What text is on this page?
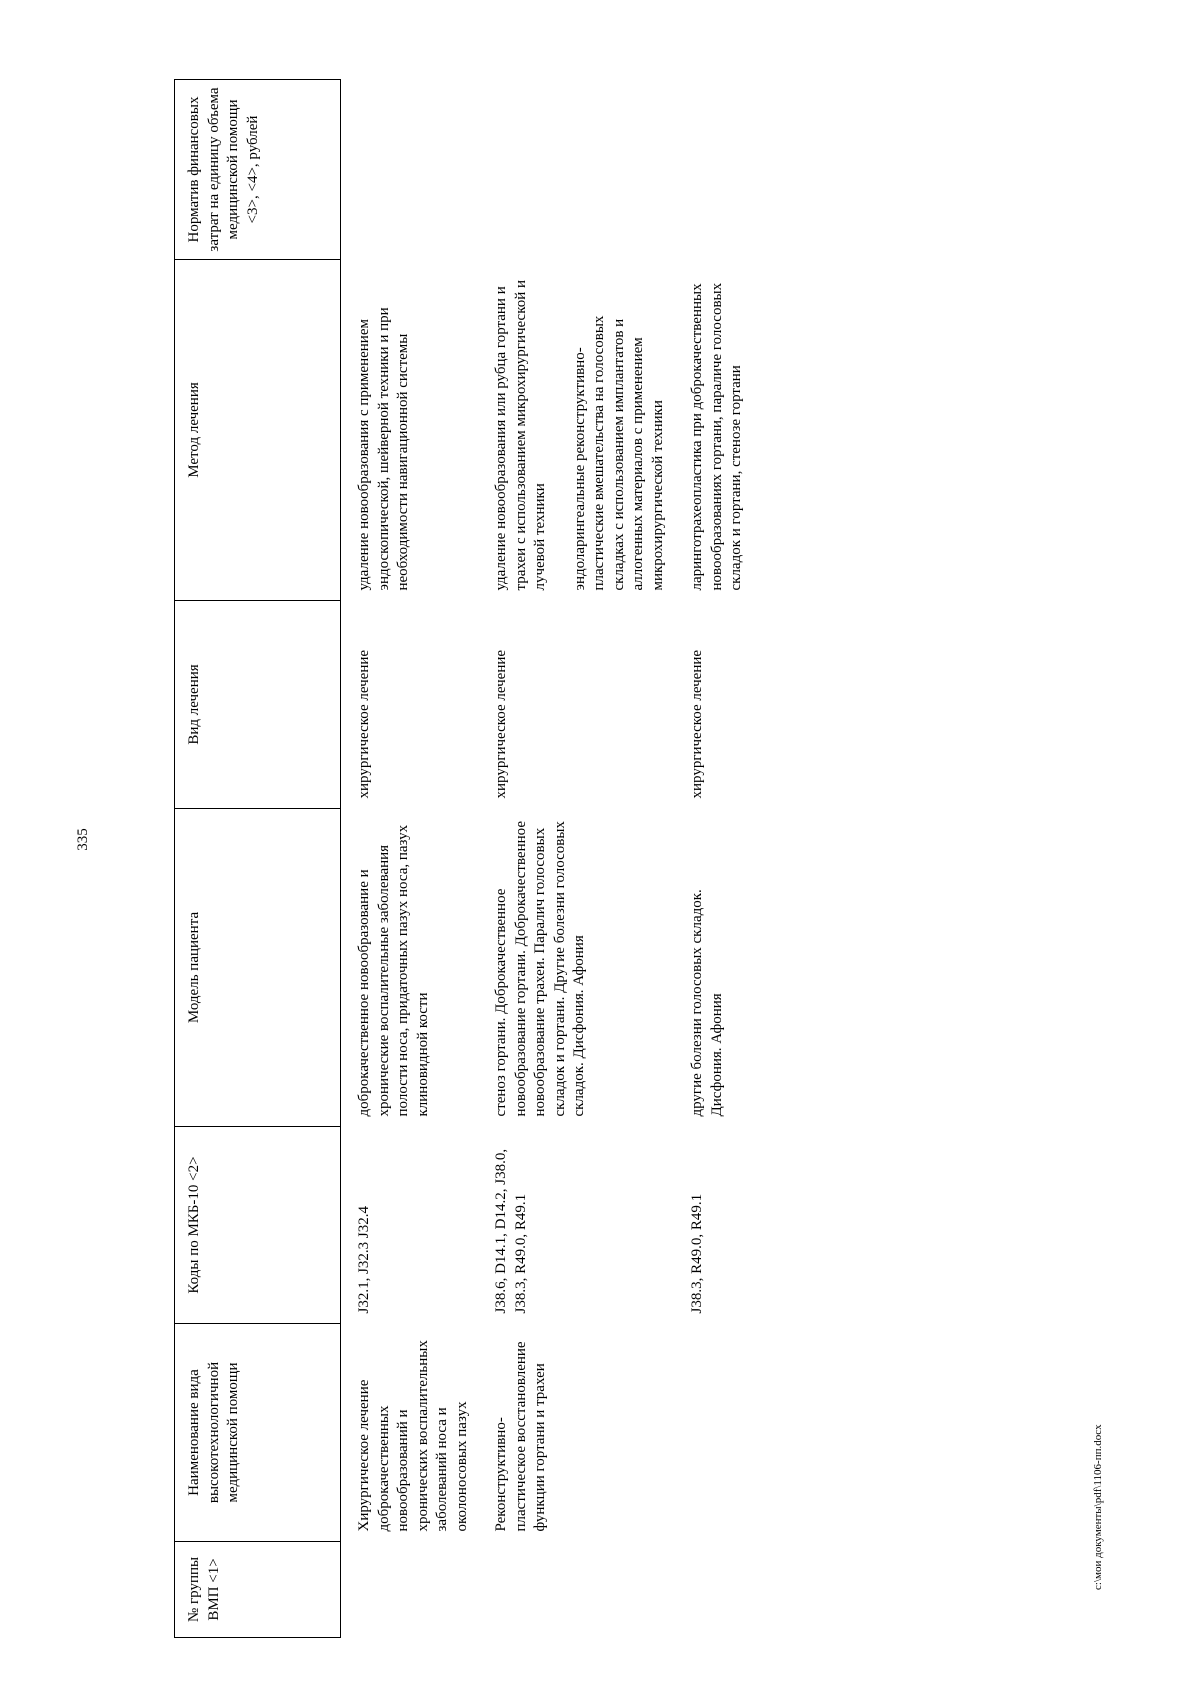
335
№ группы ВМП <1>	Наименование вида высокотехнологичной медицинской помощи	Коды по МКБ-10 <2>	Модель пациента	Вид лечения	Метод лечения	Норматив финансовых затрат на единицу объема медицинской помощи <3>, <4>, рублей
	Хирургическое лечение доброкачественных новообразований и хронических воспалительных заболеваний носа и околоносовых пазух	J32.1, J32.3 J32.4	доброкачественное новообразование и хронические воспалительные заболевания полости носа, придаточных пазух носа, пазух клиновидной кости	хирургическое лечение	удаление новообразования с применением эндоскопической, шейверной техники и при необходимости навигационной системы	
	Реконструктивно-пластическое восстановление функции гортани и трахеи	J38.6, D14.1, D14.2, J38.0, J38.3, R49.0, R49.1	стеноз гортани. Доброкачественное новообразование гортани. Доброкачественное новообразование трахеи. Паралич голосовых складок и гортани. Другие болезни голосовых складок. Дисфония. Афония	хирургическое лечение	удаление новообразования или рубца гортани и трахеи с использованием микрохирургической и лучевой техники эндоларингеальные реконструктивно-пластические вмешательства на голосовых складках с использованием имплантатов и аллогенных материалов с применением микрохирургической техники	
		J38.3, R49.0, R49.1	другие болезни голосовых складок. Дисфония. Афония	хирургическое лечение	ларинготрахеопластика при доброкачественных новообразованиях гортани, параличе голосовых складок и гортани, стенозе гортани	
c:\мои документы\pdf\1106-пп.docx
